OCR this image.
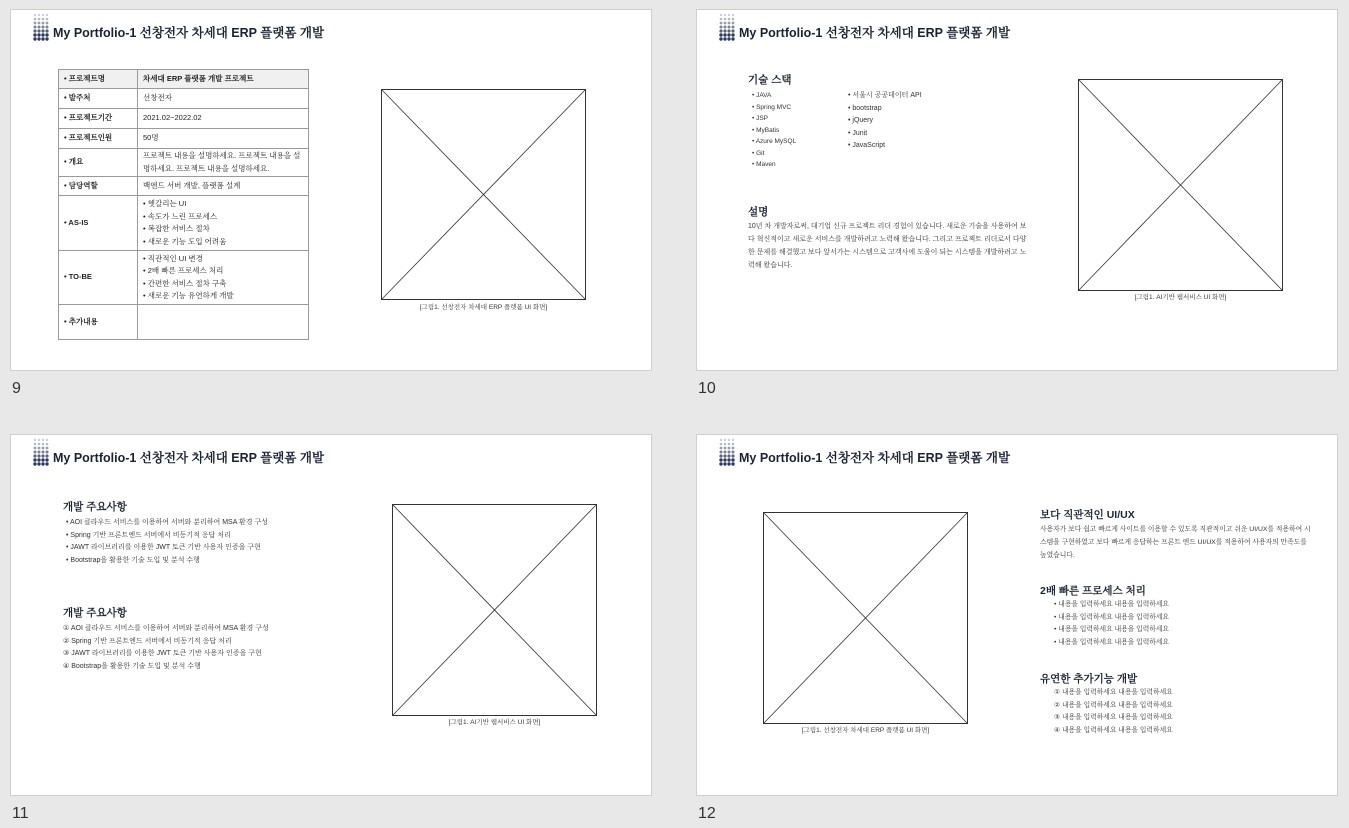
My Portfolio-1 선창전자 차세대 ERP 플랫폼 개발
• 프로젝트명	차세대 ERP 플랫폼 개발 프로젝트
• 발주처	선창전자
• 프로젝트기간	2021.02~2022.02
• 프로젝트인원	50명
• 개요	프로젝트 내용을 설명하세요. 프로젝트 내용을 설명하세요. 프로젝트 내용을 설명하세요.
• 담당역할	백엔드 서버 개발, 플랫폼 설계
• AS-IS	• 헷갈리는 UI
• 속도가 느린 프로세스
• 복잡한 서비스 절차
• 새로운 기능 도입 어려움

• TO-BE	• 직관적인 UI 변경
• 2배 빠른 프로세스 처리
• 간편한 서비스 절차 구축
• 새로운 기능 유연하게 개발

• 추가내용	
[그림1. 선창전자 차세대 ERP 플랫폼 UI 화면]
9
My Portfolio-1 선창전자 차세대 ERP 플랫폼 개발
기술 스택
• JAVA
• Spring MVC
• JSP
• MyBatis
• Azure MySQL
• Git
• Maven
• 서울시 공공데이터 API
• bootstrap
• jQuery
• Junit
• JavaScript
설명
10년 차 개발자로써, 대기업 신규 프로젝트 리더 경험이 있습니다. 새로운 기술을 사용하여 보다 혁신적이고 새로운 서비스를 개발하려고 노력해 왔습니다. 그리고 프로젝트 리더로서 다양한 문제를 해결했고 보다 앞서가는 시스템으로 고객사에 도움이 되는 시스템을 개발하려고 노력해 왔습니다.
[그림1. AI기반 웹서비스 UI 화면]
10
My Portfolio-1 선창전자 차세대 ERP 플랫폼 개발
개발 주요사항
• AOI 클라우드 서비스를 이용하여 서버와 분리하여 MSA 환경 구성
• Spring 기반 프론트엔드 서버에서 비동기적 응답 처리
• JAWT 라이브러리를 이용한 JWT 토큰 기반 사용자 인증을 구현
• Bootstrap을 활용한 기술 도입 및 분석 수행
개발 주요사항
① AOI 클라우드 서비스를 이용하여 서버와 분리하여 MSA 환경 구성
② Spring 기반 프론트엔드 서버에서 비동기적 응답 처리
③ JAWT 라이브러리를 이용한 JWT 토큰 기반 사용자 인증을 구현
④ Bootstrap을 활용한 기술 도입 및 분석 수행
[그림1. AI기반 웹서비스 UI 화면]
11
My Portfolio-1 선창전자 차세대 ERP 플랫폼 개발
[그림1. 선창전자 차세대 ERP 플랫폼 UI 화면]
보다 직관적인 UI/UX
사용자가 보다 쉽고 빠르게 사이트를 이용할 수 있도록 직관적이고 쉬운 UI/UX를 적용하여 시스템을 구현하였고 보다 빠르게 응답하는 프론트 엔드 UI/UX를 적용하여 사용자의 만족도를 높였습니다.
2배 빠른 프로세스 처리
• 내용을 입력하세요 내용을 입력하세요
• 내용을 입력하세요 내용을 입력하세요
• 내용을 입력하세요 내용을 입력하세요
• 내용을 입력하세요 내용을 입력하세요
유연한 추가기능 개발
① 내용을 입력하세요 내용을 입력하세요
② 내용을 입력하세요 내용을 입력하세요
③ 내용을 입력하세요 내용을 입력하세요
④ 내용을 입력하세요 내용을 입력하세요
12
